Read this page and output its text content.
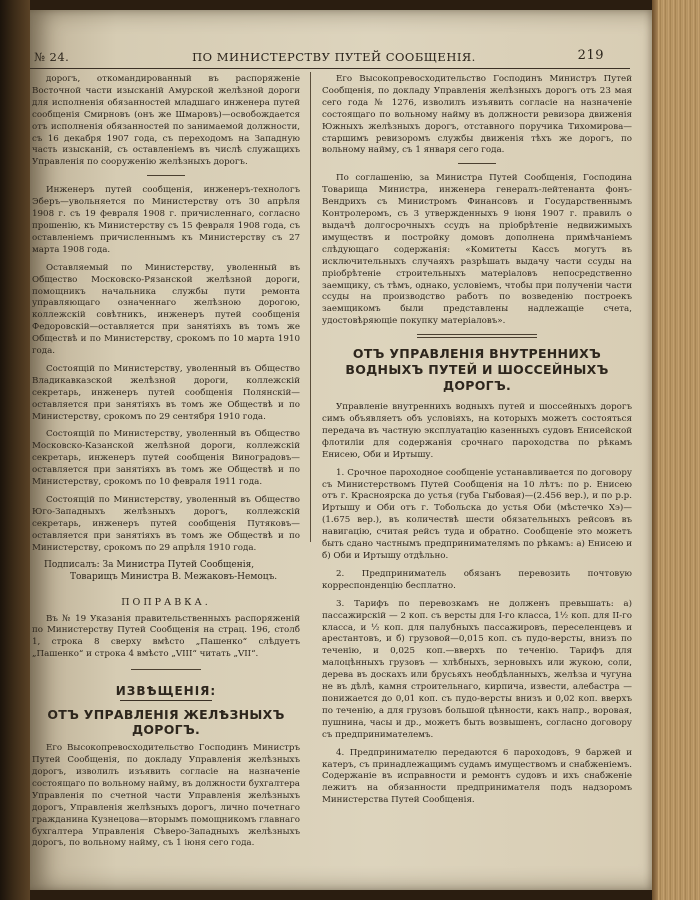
№ 24.	ПО МИНИСТЕРСТВУ ПУТЕЙ СООБЩЕНІЯ.	219

дорогъ, откомандированный въ распоряженіе Восточной части изысканій Амурской желѣзной дороги для исполненія обязанностей младшаго инженера путей сообщенія Смирновъ (онъ же Шмаровъ)—освобождается отъ исполненія обязанностей по занимаемой должности, съ 16 декабря 1907 года, съ переходомъ на Западную часть изысканій, съ оставленіемъ въ числѣ служащихъ Управленія по сооруженію желѣзныхъ дорогъ.

Инженеръ путей сообщенія, инженеръ-технологъ Эберъ—увольняется по Министерству отъ 30 апрѣля 1908 г. съ 19 февраля 1908 г. причисленнаго, согласно прошенію, къ Министерству съ 15 февраля 1908 года, съ оставленіемъ причисленнымъ къ Министерству съ 27 марта 1908 года.

Оставляемый по Министерству, уволенный въ Общество Московско-Рязанской желѣзной дороги, помощникъ начальника службы пути ремонта управляющаго означеннаго желѣзною дорогою, коллежскій совѣтникъ, инженеръ путей сообщенія Федоровскій—оставляется при занятіяхъ въ томъ же Обществѣ и по Министерству, срокомъ по 10 марта 1910 года.

Состоящій по Министерству, уволенный въ Общество Владикавказской желѣзной дороги, коллежскій секретарь, инженеръ путей сообщенія Полянскій—оставляется при занятіяхъ въ томъ же Обществѣ и по Министерству, срокомъ по 29 сентября 1910 года.

Состоящій по Министерству, уволенный въ Общество Московско-Казанской желѣзной дороги, коллежскій секретарь, инженеръ путей сообщенія Виноградовъ—оставляется при занятіяхъ въ томъ же Обществѣ и по Министерству, срокомъ по 10 февраля 1911 года.

Состоящій по Министерству, уволенный въ Общество Юго-Западныхъ желѣзныхъ дорогъ, коллежскій секретарь, инженеръ путей сообщенія Путяковъ—оставляется при занятіяхъ въ томъ же Обществѣ и по Министерству, срокомъ по 29 апрѣля 1910 года.

Подписалъ: За Министра Путей Сообщенія,
Товарищъ Министра В. Межаковъ-Немоцъ.
ПОПРАВКА.

Въ № 19 Указанія правительственныхъ распоряженій по Министерству Путей Сообщенія на страц. 196, столб 1, строка 8 сверху вмѣсто „Пашенко“ слѣдуетъ „Пашенко“ и строка 4 вмѣсто „VIII“ читать „VII“.

ИЗВѢЩЕНІЯ:
ОТЪ УПРАВЛЕНІЯ ЖЕЛѢЗНЫХЪ ДОРОГЪ.

Его Высокопревосходительство Господинъ Министръ Путей Сообщенія, по докладу Управленія желѣзныхъ дорогъ, изволилъ изъявить согласіе на назначеніе состоящаго по вольному найму, въ должности бухгалтера Управленія по счетной части Управленія желѣзныхъ дорогъ, Управленія желѣзныхъ дорогъ, лично почетнаго гражданина Кузнецова—вторымъ помощникомъ главнаго бухгалтера Управленія Сѣверо-Западныхъ желѣзныхъ дорогъ, по вольному найму, съ 1 іюня сего года.

Его Высокопревосходительство Господинъ Министръ Путей Сообщенія, по докладу Управленія желѣзныхъ дорогъ отъ 23 мая сего года № 1276, изволилъ изъявить согласіе на назначеніе состоящаго по вольному найму въ должности ревизора движенія Южныхъ желѣзныхъ дорогъ, отставного поручика Тихомирова—старшимъ ревизоромъ службы движенія тѣхъ же дорогъ, по вольному найму, съ 1 января сего года.

По соглашенію, за Министра Путей Сообщенія, Господина Товарища Министра, инженера генералъ-лейтенанта фонъ-Вендрихъ съ Министромъ Финансовъ и Государственнымъ Контролеромъ, съ 3 утвержденныхъ 9 іюня 1907 г. правилъ о выдачѣ долгосрочныхъ ссудъ на пріобрѣтеніе недвижимыхъ имуществъ и постройку домовъ дополнена примѣчаніемъ слѣдующаго содержанія: «Комитеты Кассъ могутъ въ исключительныхъ случаяхъ разрѣшать выдачу части ссуды на пріобрѣтеніе строительныхъ матеріаловъ непосредственно заемщику, съ тѣмъ, однако, условіемъ, чтобы при полученіи части ссуды на производство работъ по возведенію построекъ заемщикомъ были представлены надлежащіе счета, удостовѣряющіе покупку матеріаловъ».

ОТЪ УПРАВЛЕНІЯ ВНУТРЕННИХЪ ВОДНЫХЪ ПУТЕЙ И ШОССЕЙНЫХЪ ДОРОГЪ.

Управленіе внутреннихъ водныхъ путей и шоссейныхъ дорогъ симъ объявляетъ объ условіяхъ, на которыхъ можетъ состояться передача въ частную эксплуатацію казенныхъ судовъ Енисейской флотиліи для содержанія срочнаго пароходства по рѣкамъ Енисею, Оби и Иртышу.

1. Срочное пароходное сообщеніе устанавливается по договору съ Министерствомъ Путей Сообщенія на 10 лѣтъ: по р. Енисею отъ г. Красноярска до устья (губа Гыбовая)—(2.456 вер.), и по р.р. Иртышу и Оби отъ г. Тобольска до устья Оби (мѣстечко Хэ)—(1.675 вер.), въ количествѣ шести обязательныхъ рейсовъ въ навигацію, считая рейсъ туда и обратно. Сообщеніе это можетъ быть сдано частнымъ предпринимателямъ по рѣкамъ: а) Енисею и б) Оби и Иртышу отдѣльно.

2. Предприниматель обязанъ перевозить почтовую корреспонденцію бесплатно.

3. Тарифъ по перевозкамъ не долженъ превышать: а) пассажирскій — 2 коп. съ версты для I-го класса, 1½ коп. для II-го класса, и ½ коп. для палубныхъ пассажировъ, переселенцевъ и арестантовъ, и б) грузовой—0,015 коп. съ пудо-версты, внизъ по теченію, и 0,025 коп.—вверхъ по теченію. Тарифъ для малоцѣнныхъ грузовъ — хлѣбныхъ, зерновыхъ или жукою, соли, дерева въ доскахъ или брусьяхъ необдѣланныхъ, желѣза и чугуна не въ дѣлѣ, камня строительнаго, кирпича, извести, алебастра — понижается до 0,01 коп. съ пудо-версты внизъ и 0,02 коп. вверхъ по теченію, а для грузовъ большой цѣнности, какъ напр., воровая, пушнина, часы и др., можетъ быть возвышенъ, согласно договору съ предпринимателемъ.

4. Предпринимателю передаются 6 пароходовъ, 9 баржей и катеръ, съ принадлежащимъ судамъ имуществомъ и снабженіемъ. Содержаніе въ исправности и ремонтъ судовъ и ихъ снабженіе лежитъ на обязанности предпринимателя подъ надзоромъ Министерства Путей Сообщенія.
